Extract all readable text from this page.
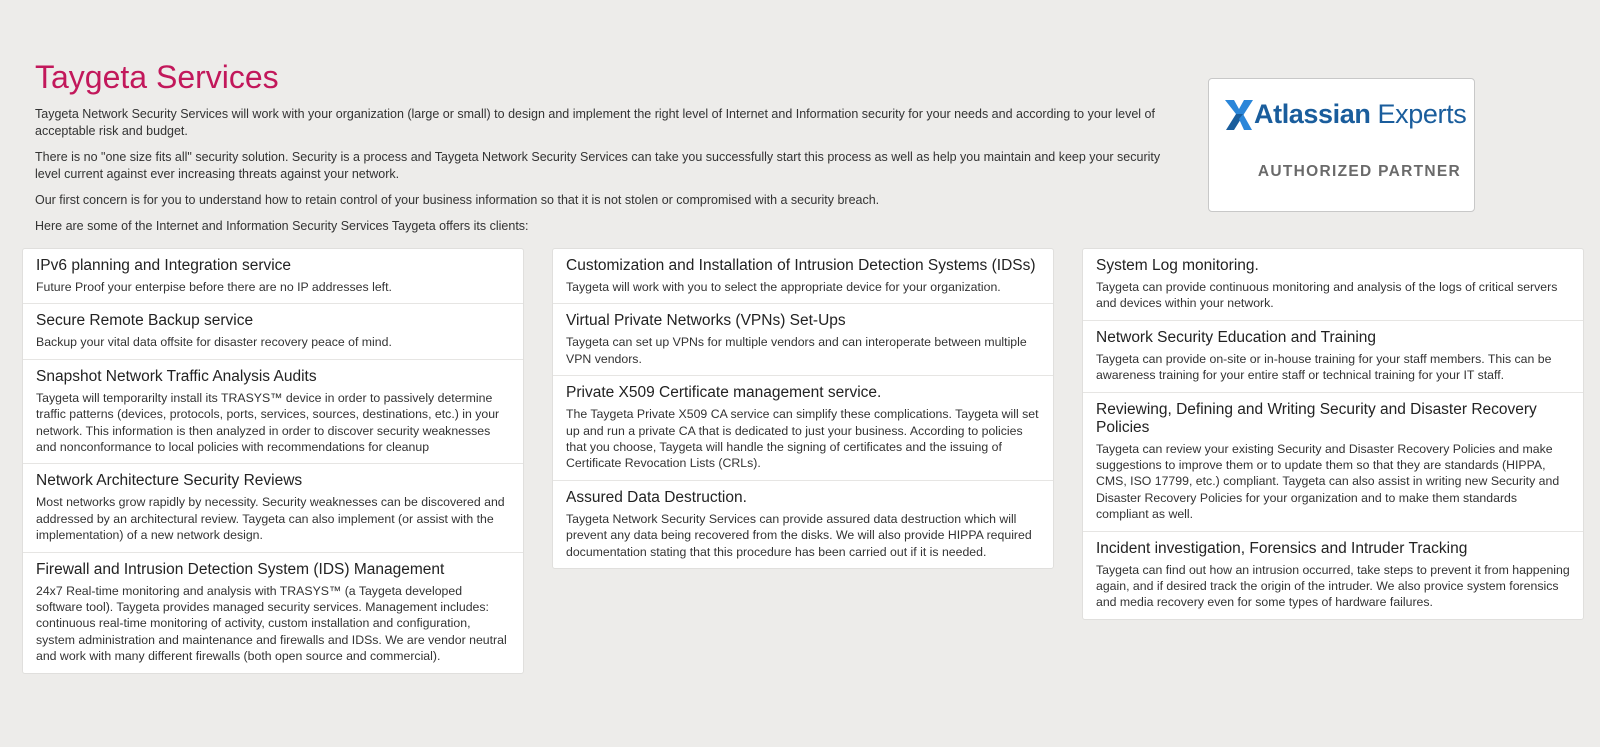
Taygeta Services

Taygeta Network Security Services will work with your organization (large or small) to design and implement the right level of Internet and Information security for your needs and according to your level of acceptable risk and budget.

There is no "one size fits all" security solution. Security is a process and Taygeta Network Security Services can take you successfully start this process as well as help you maintain and keep your security level current against ever increasing threats against your network.

Our first concern is for you to understand how to retain control of your business information so that it is not stolen or compromised with a security breach.

Here are some of the Internet and Information Security Services Taygeta offers its clients:

Atlassian Experts
AUTHORIZED PARTNER
IPv6 planning and Integration service

Future Proof your enterpise before there are no IP addresses left.

Secure Remote Backup service

Backup your vital data offsite for disaster recovery peace of mind.

Snapshot Network Traffic Analysis Audits

Taygeta will temporarilty install its TRASYS™ device in order to passively determine traffic patterns (devices, protocols, ports, services, sources, destinations, etc.) in your network. This information is then analyzed in order to discover security weaknesses and nonconformance to local policies with recommendations for cleanup

Network Architecture Security Reviews

Most networks grow rapidly by necessity. Security weaknesses can be discovered and addressed by an architectural review. Taygeta can also implement (or assist with the implementation) of a new network design.

Firewall and Intrusion Detection System (IDS) Management

24x7 Real-time monitoring and analysis with TRASYS™ (a Taygeta developed software tool). Taygeta provides managed security services. Management includes: continuous real-time monitoring of activity, custom installation and configuration, system administration and maintenance and firewalls and IDSs. We are vendor neutral and work with many different firewalls (both open source and commercial).

Customization and Installation of Intrusion Detection Systems (IDSs)

Taygeta will work with you to select the appropriate device for your organization.

Virtual Private Networks (VPNs) Set-Ups

Taygeta can set up VPNs for multiple vendors and can interoperate between multiple VPN vendors.

Private X509 Certificate management service.

The Taygeta Private X509 CA service can simplify these complications. Taygeta will set up and run a private CA that is dedicated to just your business. According to policies that you choose, Taygeta will handle the signing of certificates and the issuing of Certificate Revocation Lists (CRLs).

Assured Data Destruction.

Taygeta Network Security Services can provide assured data destruction which will prevent any data being recovered from the disks. We will also provide HIPPA required documentation stating that this procedure has been carried out if it is needed.

System Log monitoring.

Taygeta can provide continuous monitoring and analysis of the logs of critical servers and devices within your network.

Network Security Education and Training

Taygeta can provide on-site or in-house training for your staff members. This can be awareness training for your entire staff or technical training for your IT staff.

Reviewing, Defining and Writing Security and Disaster Recovery Policies

Taygeta can review your existing Security and Disaster Recovery Policies and make suggestions to improve them or to update them so that they are standards (HIPPA, CMS, ISO 17799, etc.) compliant. Taygeta can also assist in writing new Security and Disaster Recovery Policies for your organization and to make them standards compliant as well.

Incident investigation, Forensics and Intruder Tracking

Taygeta can find out how an intrusion occurred, take steps to prevent it from happening again, and if desired track the origin of the intruder. We also provice system forensics and media recovery even for some types of hardware failures.
